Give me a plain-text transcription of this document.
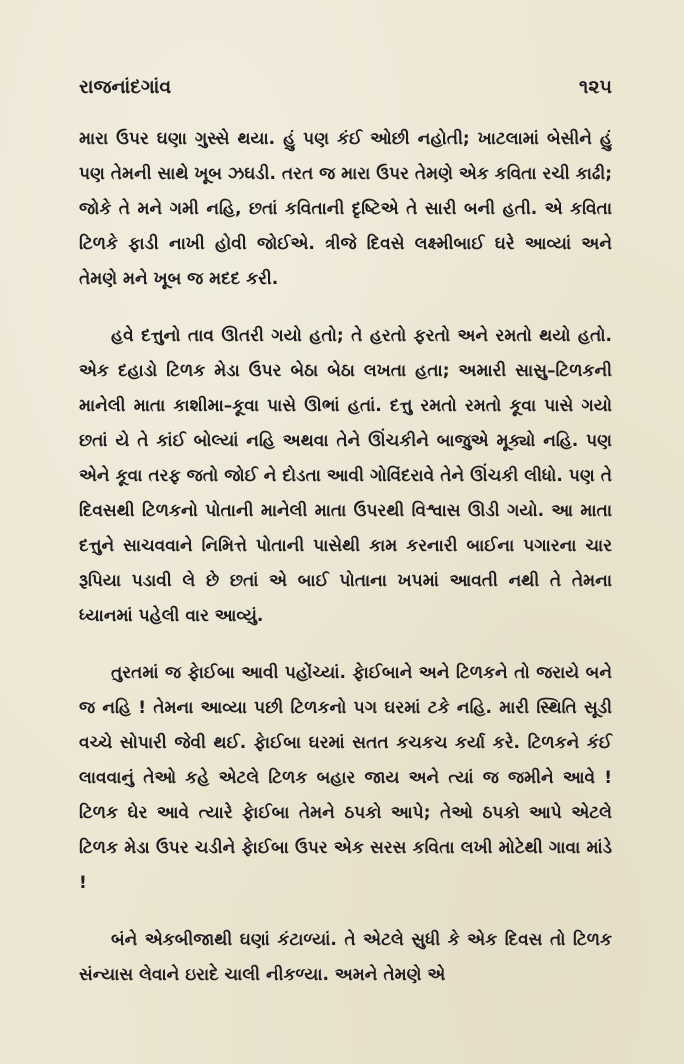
રાજનાંદગાંવ	૧૨૫

મારા ઉપર ઘણા ગુસ્સે થયા. હું પણ કંઈ ઓછી નહોતી; ખાટલામાં બેસીને હું પણ તેમની સાથે ખૂબ ઝઘડી. તરત જ મારા ઉપર તેમણે એક કવિતા રચી કાઢી; જોકે તે મને ગમી નહિ, છતાં કવિતાની દૃષ્ટિએ તે સારી બની હતી. એ કવિતા ટિળકે ફાડી નાખી હોવી જોઈએ. ત્રીજે દિવસે લક્ષ્મીબાઈ ઘરે આવ્યાં અને તેમણે મને ખૂબ જ મદદ કરી.

હવે દત્તુનો તાવ ઊતરી ગયો હતો; તે હરતો ફરતો અને રમતો થયો હતો. એક દહાડો ટિળક મેડા ઉપર બેઠા બેઠા લખતા હતા; અમારી સાસુ–ટિળકની માનેલી માતા કાશીમા–કૂવા પાસે ઊભાં હતાં. દત્તુ રમતો રમતો કૂવા પાસે ગયો છતાં યે તે કાંઈ બોલ્યાં નહિ અથવા તેને ઊંચકીને બાજુએ મૂક્યો નહિ. પણ એને કૂવા તરફ જતો જોઈ ને દોડતા આવી ગોવિંદરાવે તેને ઊંચકી લીધો. પણ તે દિવસથી ટિળકનો પોતાની માનેલી માતા ઉપરથી વિશ્વાસ ઊડી ગયો. આ માતા દત્તુને સાચવવાને નિમિત્તે પોતાની પાસેથી કામ કરનારી બાઈના પગારના ચાર રૂપિયા પડાવી લે છે છતાં એ બાઈ પોતાના ખપમાં આવતી નથી તે તેમના ધ્યાનમાં પહેલી વાર આવ્યું.

તુરતમાં જ ફેાઈબા આવી પહોંચ્યાં. ફેાઈબાને અને ટિળકને તો જરાયે બને જ નહિ ! તેમના આવ્યા પછી ટિળકનો પગ ઘરમાં ટકે નહિ. મારી સ્થિતિ સૂડી વચ્ચે સોપારી જેવી થઈ. ફેાઈબા ઘરમાં સતત કચકચ કર્યા કરે. ટિળકને કંઈ લાવવાનું તેઓ કહે એટલે ટિળક બહાર જાય અને ત્યાં જ જમીને આવે ! ટિળક ઘેર આવે ત્યારે ફેાઈબા તેમને ઠપકો આપે; તેઓ ઠપકો આપે એટલે ટિળક મેડા ઉપર ચડીને ફેાઈબા ઉપર એક સરસ કવિતા લખી મોટેથી ગાવા માંડે !

બંને એકબીજાથી ઘણાં કંટાળ્યાં. તે એટલે સુધી કે એક દિવસ તો ટિળક સંન્યાસ લેવાને ઇરાદે ચાલી નીકળ્યા. અમને તેમણે એ
